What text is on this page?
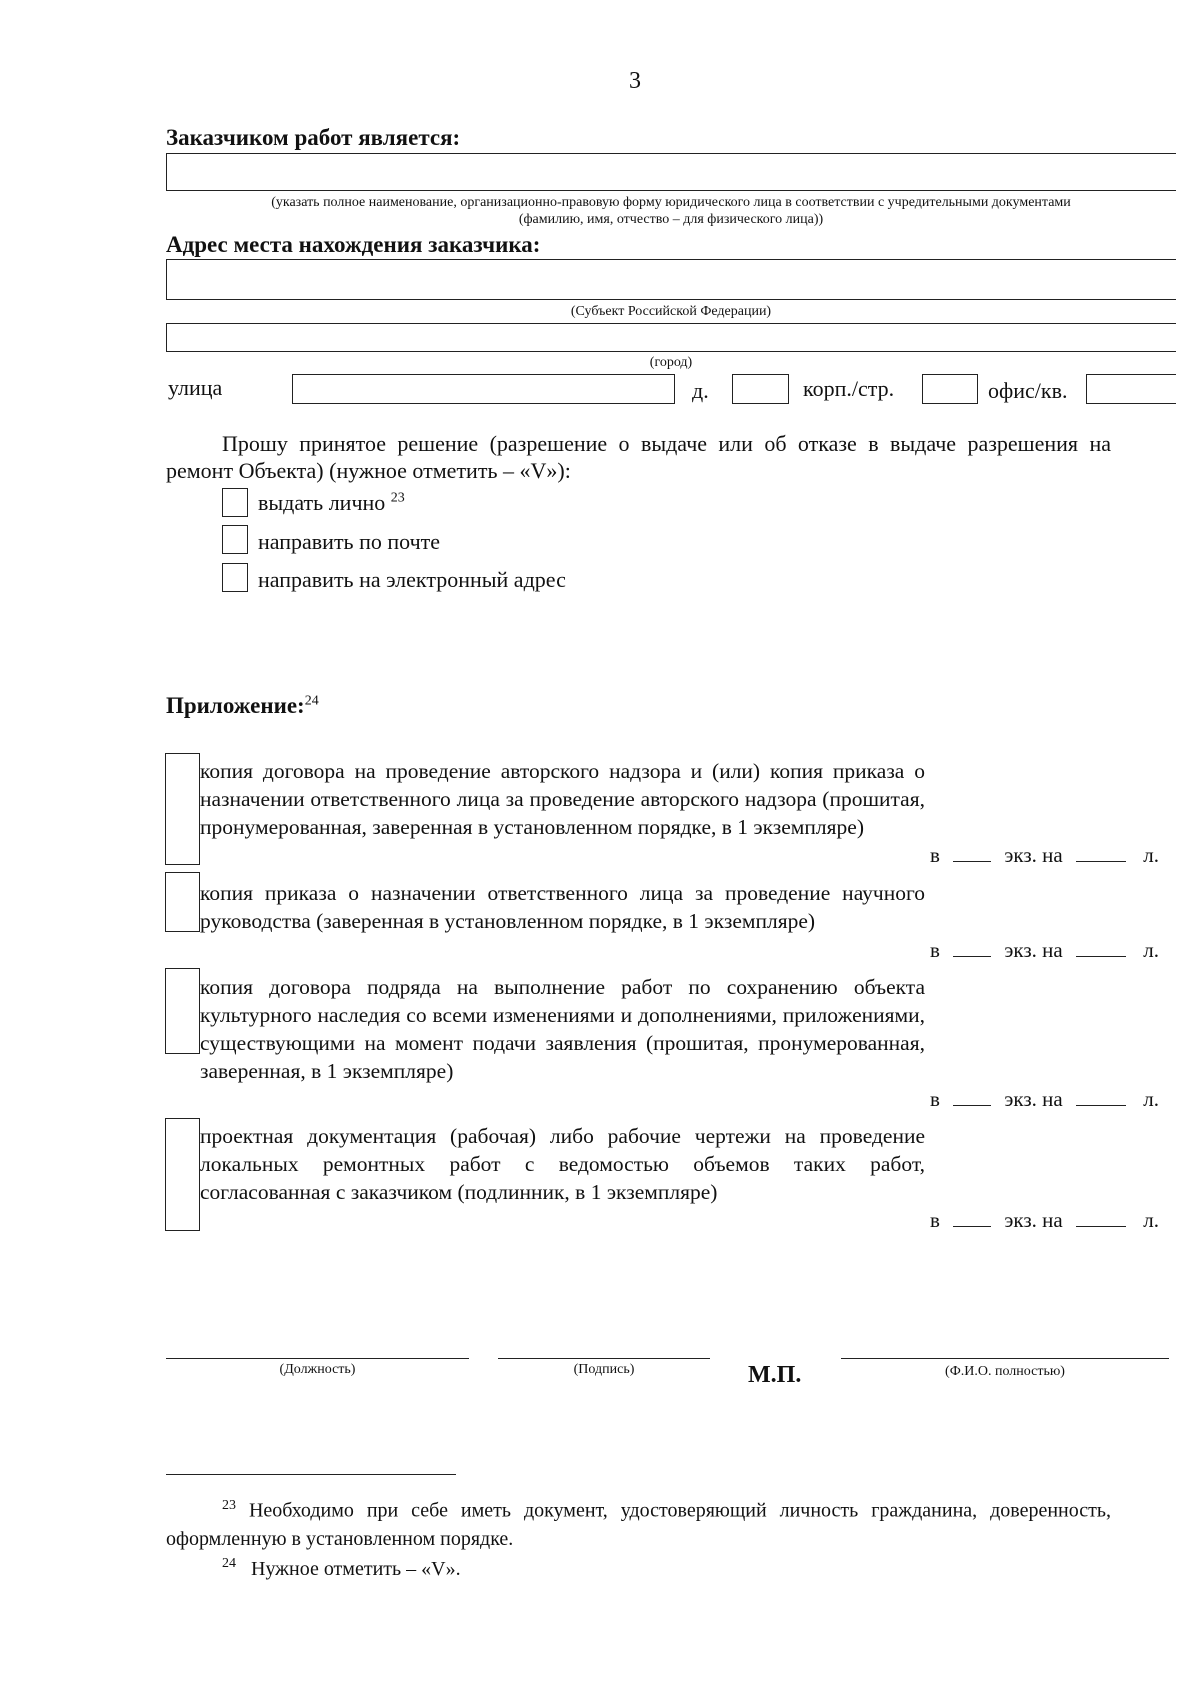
3
Заказчиком работ является:
(указать полное наименование, организационно-правовую форму юридического лица в соответствии с учредительными документами
(фамилию, имя, отчество – для физического лица))
Адрес места нахождения заказчика:
(Субъект Российской Федерации)
(город)
улица	д.	корп./стр.	офис/кв.
Прошу принятое решение (разрешение о выдаче или об отказе в выдаче разрешения на ремонт Объекта) (нужное отметить – «V»):
выдать лично $^{23}$
направить по почте
направить на электронный адрес
Приложение:$^{24}$
копия договора на проведение авторского надзора и (или) копия приказа о назначении ответственного лица за проведение авторского надзора (прошитая, пронумерованная, заверенная в установленном порядке, в 1 экземпляре)
в	экз. на	л.
копия приказа о назначении ответственного лица за проведение научного руководства (заверенная в установленном порядке, в 1 экземпляре)
в	экз. на	л.
копия договора подряда на выполнение работ по сохранению объекта культурного наследия со всеми изменениями и дополнениями, приложениями, существующими на момент подачи заявления (прошитая, пронумерованная, заверенная, в 1 экземпляре)
в	экз. на	л.
проектная документация (рабочая) либо рабочие чертежи на проведение локальных ремонтных работ с ведомостью объемов таких работ, согласованная с заказчиком (подлинник, в 1 экземпляре)
в	экз. на	л.
(Должность)	(Подпись)	М.П.	(Ф.И.О. полностью)
$^{23}$ Необходимо при себе иметь документ, удостоверяющий личность гражданина, доверенность, оформленную в установленном порядке.
$^{24}$ Нужное отметить – «V».
